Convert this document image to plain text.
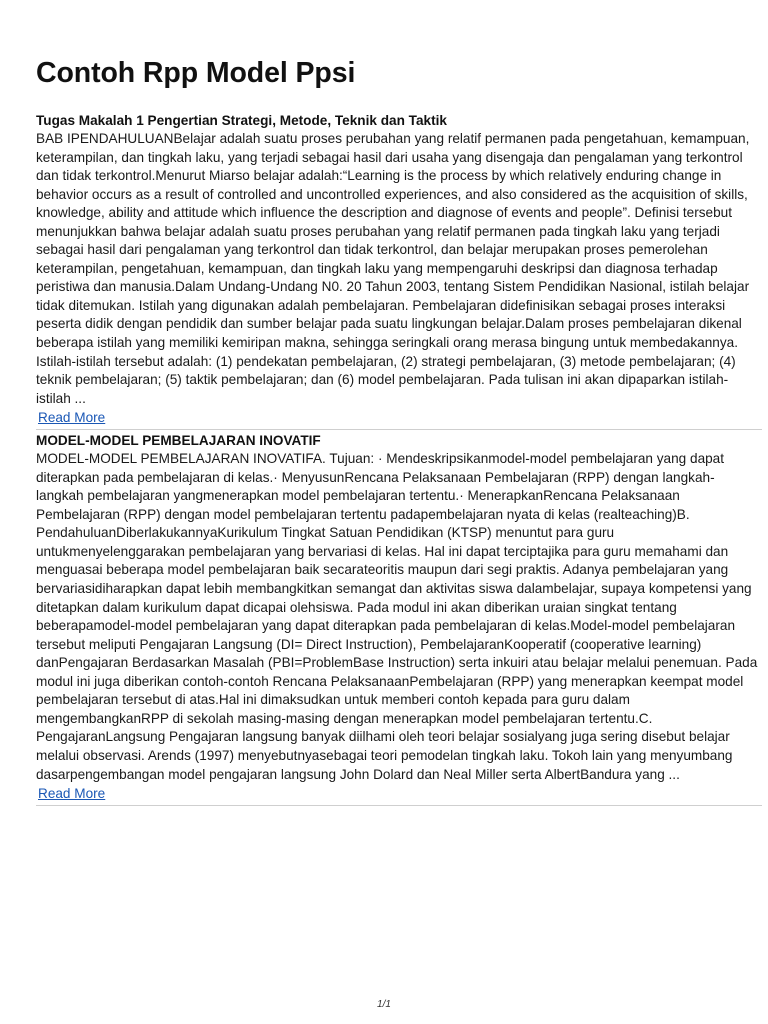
Contoh Rpp Model Ppsi
Tugas Makalah 1 Pengertian Strategi, Metode, Teknik dan Taktik

BAB IPENDAHULUANBelajar adalah suatu proses perubahan yang relatif permanen pada pengetahuan, kemampuan, keterampilan, dan tingkah laku, yang terjadi sebagai hasil dari usaha yang disengaja dan pengalaman yang terkontrol dan tidak terkontrol.Menurut Miarso belajar adalah:“Learning is the process by which relatively enduring change in behavior occurs as a result of controlled and uncontrolled experiences, and also considered as the acquisition of skills, knowledge, ability and attitude which influence the description and diagnose of events and people”. Definisi tersebut menunjukkan bahwa belajar adalah suatu proses perubahan yang relatif permanen pada tingkah laku yang terjadi sebagai hasil dari pengalaman yang terkontrol dan tidak terkontrol, dan belajar merupakan proses pemerolehan keterampilan, pengetahuan, kemampuan, dan tingkah laku yang mempengaruhi deskripsi dan diagnosa terhadap peristiwa dan manusia.Dalam Undang-Undang N0. 20 Tahun 2003, tentang Sistem Pendidikan Nasional, istilah belajar tidak ditemukan. Istilah yang digunakan adalah pembelajaran. Pembelajaran didefinisikan sebagai proses interaksi peserta didik dengan pendidik dan sumber belajar pada suatu lingkungan belajar.Dalam proses pembelajaran dikenal beberapa istilah yang memiliki kemiripan makna, sehingga seringkali orang merasa bingung untuk membedakannya. Istilah-istilah tersebut adalah: (1) pendekatan pembelajaran, (2) strategi pembelajaran, (3) metode pembelajaran; (4) teknik pembelajaran; (5) taktik pembelajaran; dan (6) model pembelajaran. Pada tulisan ini akan dipaparkan istilah-istilah ...

Read More
MODEL-MODEL PEMBELAJARAN INOVATIF

MODEL-MODEL PEMBELAJARAN INOVATIFA. Tujuan: · Mendeskripsikanmodel-model pembelajaran yang dapat diterapkan pada pembelajaran di kelas.· MenyusunRencana Pelaksanaan Pembelajaran (RPP) dengan langkah-langkah pembelajaran yangmenerapkan model pembelajaran tertentu.· MenerapkanRencana Pelaksanaan Pembelajaran (RPP) dengan model pembelajaran tertentu padapembelajaran nyata di kelas (realteaching)B. PendahuluanDiberlakukannyaKurikulum Tingkat Satuan Pendidikan (KTSP) menuntut para guru untukmenyelenggarakan pembelajaran yang bervariasi di kelas. Hal ini dapat terciptajika para guru memahami dan menguasai beberapa model pembelajaran baik secarateoritis maupun dari segi praktis. Adanya pembelajaran yang bervariasidiharapkan dapat lebih membangkitkan semangat dan aktivitas siswa dalambelajar, supaya kompetensi yang ditetapkan dalam kurikulum dapat dicapai olehsiswa. Pada modul ini akan diberikan uraian singkat tentang beberapamodel-model pembelajaran yang dapat diterapkan pada pembelajaran di kelas.Model-model pembelajaran tersebut meliputi Pengajaran Langsung (DI= Direct Instruction), PembelajaranKooperatif (cooperative learning) danPengajaran Berdasarkan Masalah (PBI=ProblemBase Instruction) serta inkuiri atau belajar melalui penemuan. Pada modul ini juga diberikan contoh-contoh Rencana PelaksanaanPembelajaran (RPP) yang menerapkan keempat model pembelajaran tersebut di atas.Hal ini dimaksudkan untuk memberi contoh kepada para guru dalam mengembangkanRPP di sekolah masing-masing dengan menerapkan model pembelajaran tertentu.C. PengajaranLangsung Pengajaran langsung banyak diilhami oleh teori belajar sosialyang juga sering disebut belajar melalui observasi. Arends (1997) menyebutnyasebagai teori pemodelan tingkah laku. Tokoh lain yang menyumbang dasarpengembangan model pengajaran langsung John Dolard dan Neal Miller serta AlbertBandura yang ...

Read More
1/1
